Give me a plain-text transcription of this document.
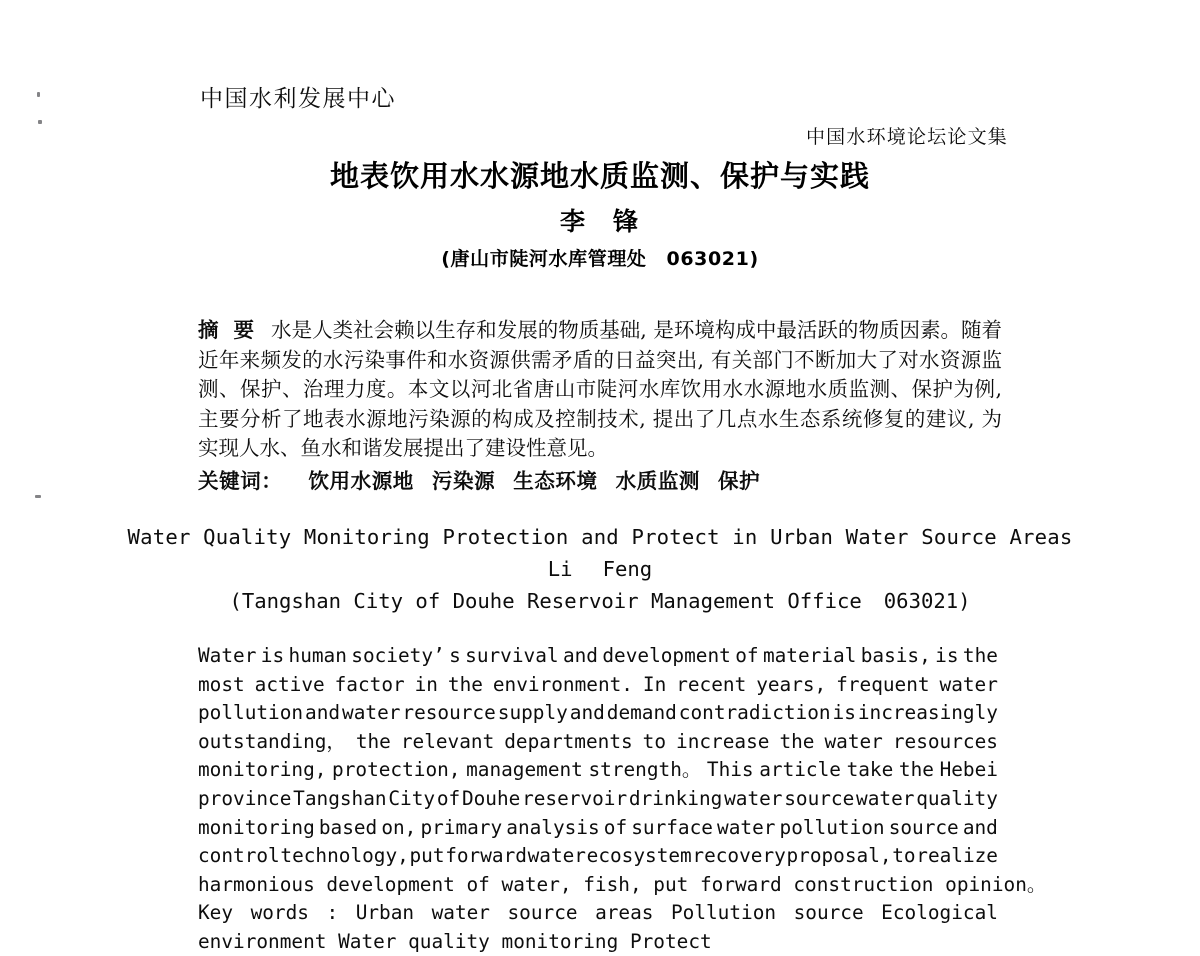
中国水利发展中心
中国水环境论坛论文集
地表饮用水水源地水质监测、保护与实践
李 锋
(唐山市陡河水库管理处 063021)
摘 要 水是人类社会赖以生存和发展的物质基础, 是环境构成中最活跃的物质因素。随着近年来频发的水污染事件和水资源供需矛盾的日益突出, 有关部门不断加大了对水资源监测、保护、治理力度。本文以河北省唐山市陡河水库饮用水水源地水质监测、保护为例, 主要分析了地表水源地污染源的构成及控制技术, 提出了几点水生态系统修复的建议, 为实现人水、鱼水和谐发展提出了建设性意见。
关键词： 饮用水源地 污染源 生态环境 水质监测 保护
Water Quality Monitoring Protection and Protect in Urban Water Source Areas
Li Feng
(Tangshan City of Douhe Reservoir Management Office 063021)
Water is human society’ s survival and development of material basis, is the
most active factor in the environment. In recent years, frequent water
pollution and water resource supply and demand contradiction is increasingly
outstanding， the relevant departments to increase the water resources
monitoring, protection, management strength。 This article take the Hebei
province Tangshan City of Douhe reservoir drinking water source water quality
monitoring based on, primary analysis of surface water pollution source and
control technology, put forward water ecosystem recovery proposal, to realize
harmonious development of water, fish, put forward construction opinion。
Key words : Urban water source areas Pollution source Ecological
environment Water quality monitoring Protect
